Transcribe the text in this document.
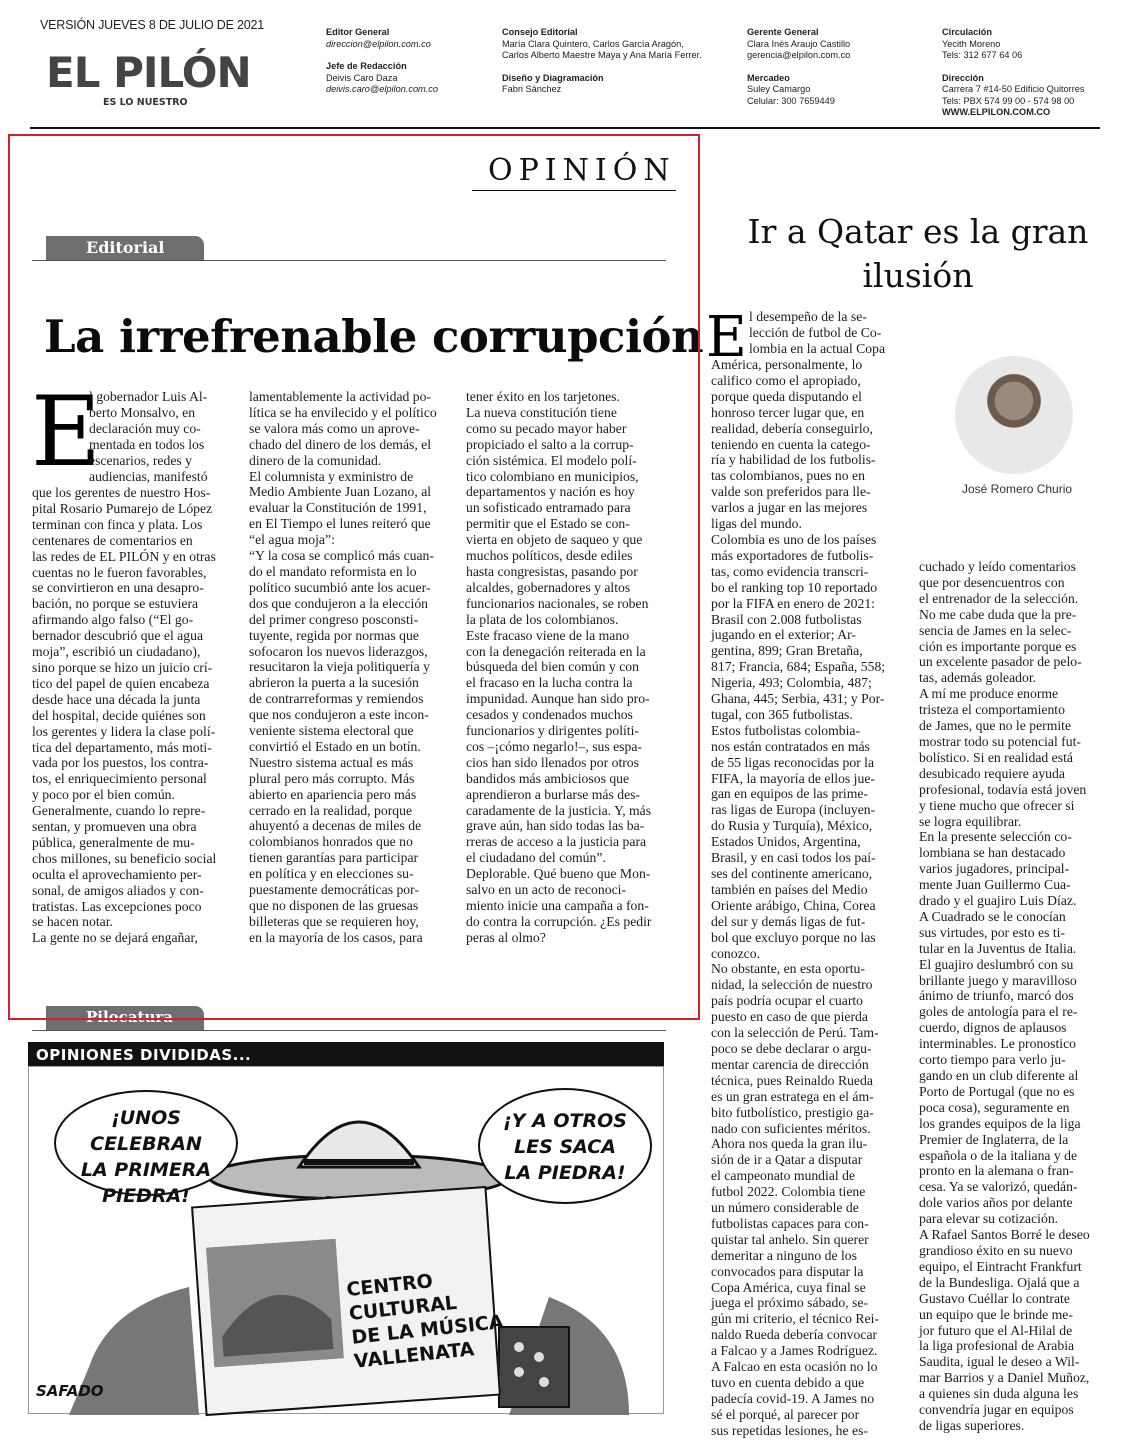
VERSIÓN JUEVES 8 DE JULIO DE 2021
EL PILÓN
ES LO NUESTRO
Editor General
direccion@elpilon.com.co
Jefe de Redacción
Deivis Caro Daza
deivis.caro@elpilon.com.co
Consejo Editorial
María Clara Quintero, Carlos García Aragón, Carlos Alberto Maestre Maya y Ana María Ferrer.
Diseño y Diagramación
Fabri Sánchez
Gerente General
Clara Inés Araujo Castillo
gerencia@elpilon.com.co
Mercadeo
Suley Camargo
Celular: 300 7659449
Circulación
Yecith Moreno
Tels: 312 677 64 06
Dirección
Carrera 7 #14-50 Edificio Quitorres
Tels: PBX 574 99 00 - 574 98 00
WWW.ELPILON.COM.CO
OPINIÓN
Editorial
La irrefrenable corrupción
E
l gobernador Luis Al-
berto Monsalvo, en
declaración muy co-
mentada en todos los
escenarios, redes y
audiencias, manifestó
que los gerentes de nuestro Hos-
pital Rosario Pumarejo de López
terminan con finca y plata. Los
centenares de comentarios en
las redes de EL PILÓN y en otras
cuentas no le fueron favorables,
se convirtieron en una desapro-
bación, no porque se estuviera
afirmando algo falso (“El go-
bernador descubrió que el agua
moja”, escribió un ciudadano),
sino porque se hizo un juicio crí-
tico del papel de quien encabeza
desde hace una década la junta
del hospital, decide quiénes son
los gerentes y lidera la clase polí-
tica del departamento, más moti-
vada por los puestos, los contra-
tos, el enriquecimiento personal
y poco por el bien común.
Generalmente, cuando lo repre-
sentan, y promueven una obra
pública, generalmente de mu-
chos millones, su beneficio social
oculta el aprovechamiento per-
sonal, de amigos aliados y con-
tratistas. Las excepciones poco
se hacen notar.
La gente no se dejará engañar,
lamentablemente la actividad po-
lítica se ha envilecido y el político
se valora más como un aprove-
chado del dinero de los demás, el
dinero de la comunidad.
El columnista y exministro de
Medio Ambiente Juan Lozano, al
evaluar la Constitución de 1991,
en El Tiempo el lunes reiteró que
“el agua moja”:
“Y la cosa se complicó más cuan-
do el mandato reformista en lo
político sucumbió ante los acuer-
dos que condujeron a la elección
del primer congreso posconsti-
tuyente, regida por normas que
sofocaron los nuevos liderazgos,
resucitaron la vieja politiquería y
abrieron la puerta a la sucesión
de contrarreformas y remiendos
que nos condujeron a este incon-
veniente sistema electoral que
convirtió el Estado en un botín.
Nuestro sistema actual es más
plural pero más corrupto. Más
abierto en apariencia pero más
cerrado en la realidad, porque
ahuyentó a decenas de miles de
colombianos honrados que no
tienen garantías para participar
en política y en elecciones su-
puestamente democráticas por-
que no disponen de las gruesas
billeteras que se requieren hoy,
en la mayoría de los casos, para
tener éxito en los tarjetones.
La nueva constitución tiene
como su pecado mayor haber
propiciado el salto a la corrup-
ción sistémica. El modelo polí-
tico colombiano en municipios,
departamentos y nación es hoy
un sofisticado entramado para
permitir que el Estado se con-
vierta en objeto de saqueo y que
muchos políticos, desde ediles
hasta congresistas, pasando por
alcaldes, gobernadores y altos
funcionarios nacionales, se roben
la plata de los colombianos.
Este fracaso viene de la mano
con la denegación reiterada en la
búsqueda del bien común y con
el fracaso en la lucha contra la
impunidad. Aunque han sido pro-
cesados y condenados muchos
funcionarios y dirigentes políti-
cos –¡cómo negarlo!–, sus espa-
cios han sido llenados por otros
bandidos más ambiciosos que
aprendieron a burlarse más des-
caradamente de la justicia. Y, más
grave aún, han sido todas las ba-
rreras de acceso a la justicia para
el ciudadano del común”.
Deplorable. Qué bueno que Mon-
salvo en un acto de reconoci-
miento inicie una campaña a fon-
do contra la corrupción. ¿Es pedir
peras al olmo?
Pilocatura
OPINIONES DIVIDIDAS...
CENTRO
CULTURAL
DE LA MÚSICA
VALLENATA
¡UNOS CELEBRAN
LA PRIMERA
PIEDRA!
¡Y A OTROS
LES SACA
LA PIEDRA!
SAFADO
Ir a Qatar es la gran
ilusión
José Romero Churio
E l desempeño de la se-
lección de futbol de Co-
lombia en la actual Copa
América, personalmente, lo
califico como el apropiado,
porque queda disputando el
honroso tercer lugar que, en
realidad, debería conseguirlo,
teniendo en cuenta la catego-
ría y habilidad de los futbolis-
tas colombianos, pues no en
valde son preferidos para lle-
varlos a jugar en las mejores
ligas del mundo.
Colombia es uno de los países
más exportadores de futbolis-
tas, como evidencia transcri-
bo el ranking top 10 reportado
por la FIFA en enero de 2021:
Brasil con 2.008 futbolistas
jugando en el exterior; Ar-
gentina, 899; Gran Bretaña,
817; Francia, 684; España, 558;
Nigeria, 493; Colombia, 487;
Ghana, 445; Serbia, 431; y Por-
tugal, con 365 futbolistas.
Estos futbolistas colombia-
nos están contratados en más
de 55 ligas reconocidas por la
FIFA, la mayoría de ellos jue-
gan en equipos de las prime-
ras ligas de Europa (incluyen-
do Rusia y Turquía), México,
Estados Unidos, Argentina,
Brasil, y en casi todos los paí-
ses del continente americano,
también en países del Medio
Oriente arábigo, China, Corea
del sur y demás ligas de fut-
bol que excluyo porque no las
conozco.
No obstante, en esta oportu-
nidad, la selección de nuestro
país podría ocupar el cuarto
puesto en caso de que pierda
con la selección de Perú. Tam-
poco se debe declarar o argu-
mentar carencia de dirección
técnica, pues Reinaldo Rueda
es un gran estratega en el ám-
bito futbolístico, prestigio ga-
nado con suficientes méritos.
Ahora nos queda la gran ilu-
sión de ir a Qatar a disputar
el campeonato mundial de
futbol 2022. Colombia tiene
un número considerable de
futbolistas capaces para con-
quistar tal anhelo. Sin querer
demeritar a ninguno de los
convocados para disputar la
Copa América, cuya final se
juega el próximo sábado, se-
gún mi criterio, el técnico Rei-
naldo Rueda debería convocar
a Falcao y a James Rodríguez.
A Falcao en esta ocasión no lo
tuvo en cuenta debido a que
padecía covid-19. A James no
sé el porqué, al parecer por
sus repetidas lesiones, he es-
cuchado y leído comentarios
que por desencuentros con
el entrenador de la selección.
No me cabe duda que la pre-
sencia de James en la selec-
ción es importante porque es
un excelente pasador de pelo-
tas, además goleador.
A mí me produce enorme
tristeza el comportamiento
de James, que no le permite
mostrar todo su potencial fut-
bolístico. Si en realidad está
desubicado requiere ayuda
profesional, todavía está joven
y tiene mucho que ofrecer si
se logra equilibrar.
En la presente selección co-
lombiana se han destacado
varios jugadores, principal-
mente Juan Guillermo Cua-
drado y el guajiro Luis Díaz.
A Cuadrado se le conocían
sus virtudes, por esto es ti-
tular en la Juventus de Italia.
El guajiro deslumbró con su
brillante juego y maravilloso
ánimo de triunfo, marcó dos
goles de antología para el re-
cuerdo, dignos de aplausos
interminables. Le pronostico
corto tiempo para verlo ju-
gando en un club diferente al
Porto de Portugal (que no es
poca cosa), seguramente en
los grandes equipos de la liga
Premier de Inglaterra, de la
española o de la italiana y de
pronto en la alemana o fran-
cesa. Ya se valorizó, quedán-
dole varios años por delante
para elevar su cotización.
A Rafael Santos Borré le deseo
grandioso éxito en su nuevo
equipo, el Eintracht Frankfurt
de la Bundesliga. Ojalá que a
Gustavo Cuéllar lo contrate
un equipo que le brinde me-
jor futuro que el Al-Hilal de
la liga profesional de Arabia
Saudita, igual le deseo a Wil-
mar Barrios y a Daniel Muñoz,
a quienes sin duda alguna les
convendría jugar en equipos
de ligas superiores.
